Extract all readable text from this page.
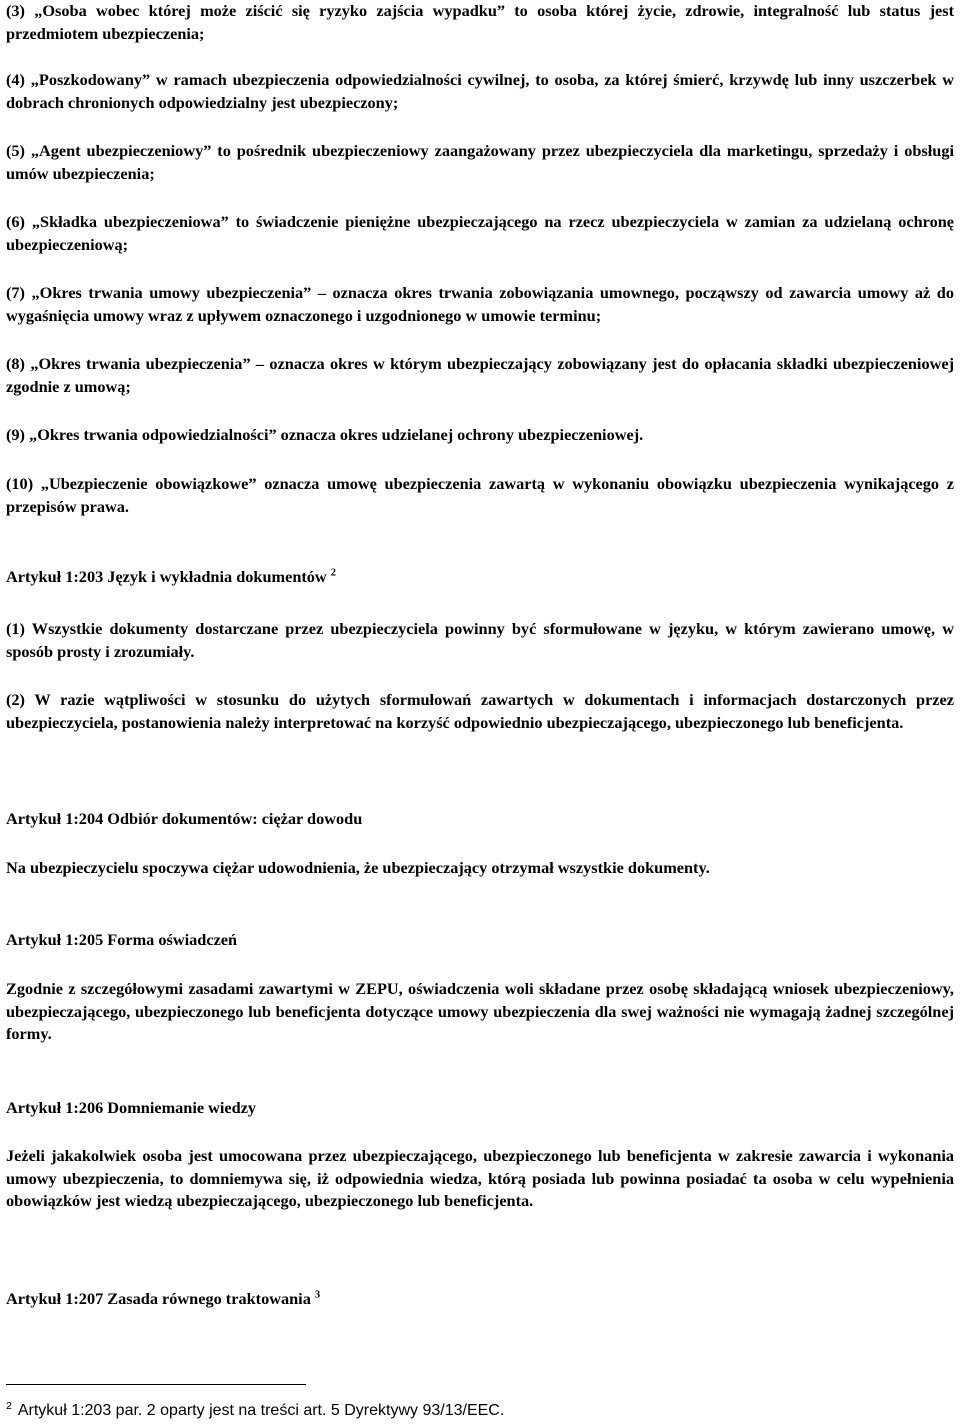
(3) „Osoba wobec której może ziścić się ryzyko zajścia wypadku” to osoba której życie, zdrowie, integralność lub status jest przedmiotem ubezpieczenia;

(4) „Poszkodowany” w ramach ubezpieczenia odpowiedzialności cywilnej, to osoba, za której śmierć, krzywdę lub inny uszczerbek w dobrach chronionych odpowiedzialny jest ubezpieczony;

(5) „Agent ubezpieczeniowy” to pośrednik ubezpieczeniowy zaangażowany przez ubezpieczyciela dla marketingu, sprzedaży i obsługi umów ubezpieczenia;

(6) „Składka ubezpieczeniowa” to świadczenie pieniężne ubezpieczającego na rzecz ubezpieczyciela w zamian za udzielaną ochronę ubezpieczeniową;

(7) „Okres trwania umowy ubezpieczenia” – oznacza okres trwania zobowiązania umownego, począwszy od zawarcia umowy aż do wygaśnięcia umowy wraz z upływem oznaczonego i uzgodnionego w umowie terminu;

(8) „Okres trwania ubezpieczenia” – oznacza okres w którym ubezpieczający zobowiązany jest do opłacania składki ubezpieczeniowej zgodnie z umową;

(9) „Okres trwania odpowiedzialności” oznacza okres udzielanej ochrony ubezpieczeniowej.

(10) „Ubezpieczenie obowiązkowe” oznacza umowę ubezpieczenia zawartą w wykonaniu obowiązku ubezpieczenia wynikającego z przepisów prawa.

Artykuł 1:203 Język i wykładnia dokumentów $^2$

(1) Wszystkie dokumenty dostarczane przez ubezpieczyciela powinny być sformułowane w języku, w którym zawierano umowę, w sposób prosty i zrozumiały.

(2) W razie wątpliwości w stosunku do użytych sformułowań zawartych w dokumentach i informacjach dostarczonych przez ubezpieczyciela, postanowienia należy interpretować na korzyść odpowiednio ubezpieczającego, ubezpieczonego lub beneficjenta.

Artykuł 1:204 Odbiór dokumentów: ciężar dowodu

Na ubezpieczycielu spoczywa ciężar udowodnienia, że ubezpieczający otrzymał wszystkie dokumenty.

Artykuł 1:205 Forma oświadczeń

Zgodnie z szczegółowymi zasadami zawartymi w ZEPU, oświadczenia woli składane przez osobę składającą wniosek ubezpieczeniowy, ubezpieczającego, ubezpieczonego lub beneficjenta dotyczące umowy ubezpieczenia dla swej ważności nie wymagają żadnej szczególnej formy.

Artykuł 1:206 Domniemanie wiedzy

Jeżeli jakakolwiek osoba jest umocowana przez ubezpieczającego, ubezpieczonego lub beneficjenta w zakresie zawarcia i wykonania umowy ubezpieczenia, to domniemywa się, iż odpowiednia wiedza, którą posiada lub powinna posiadać ta osoba w celu wypełnienia obowiązków jest wiedzą ubezpieczającego, ubezpieczonego lub beneficjenta.

Artykuł 1:207 Zasada równego traktowania $^3$

$^2$ Artykuł 1:203 par. 2 oparty jest na treści art. 5 Dyrektywy 93/13/EEC.
